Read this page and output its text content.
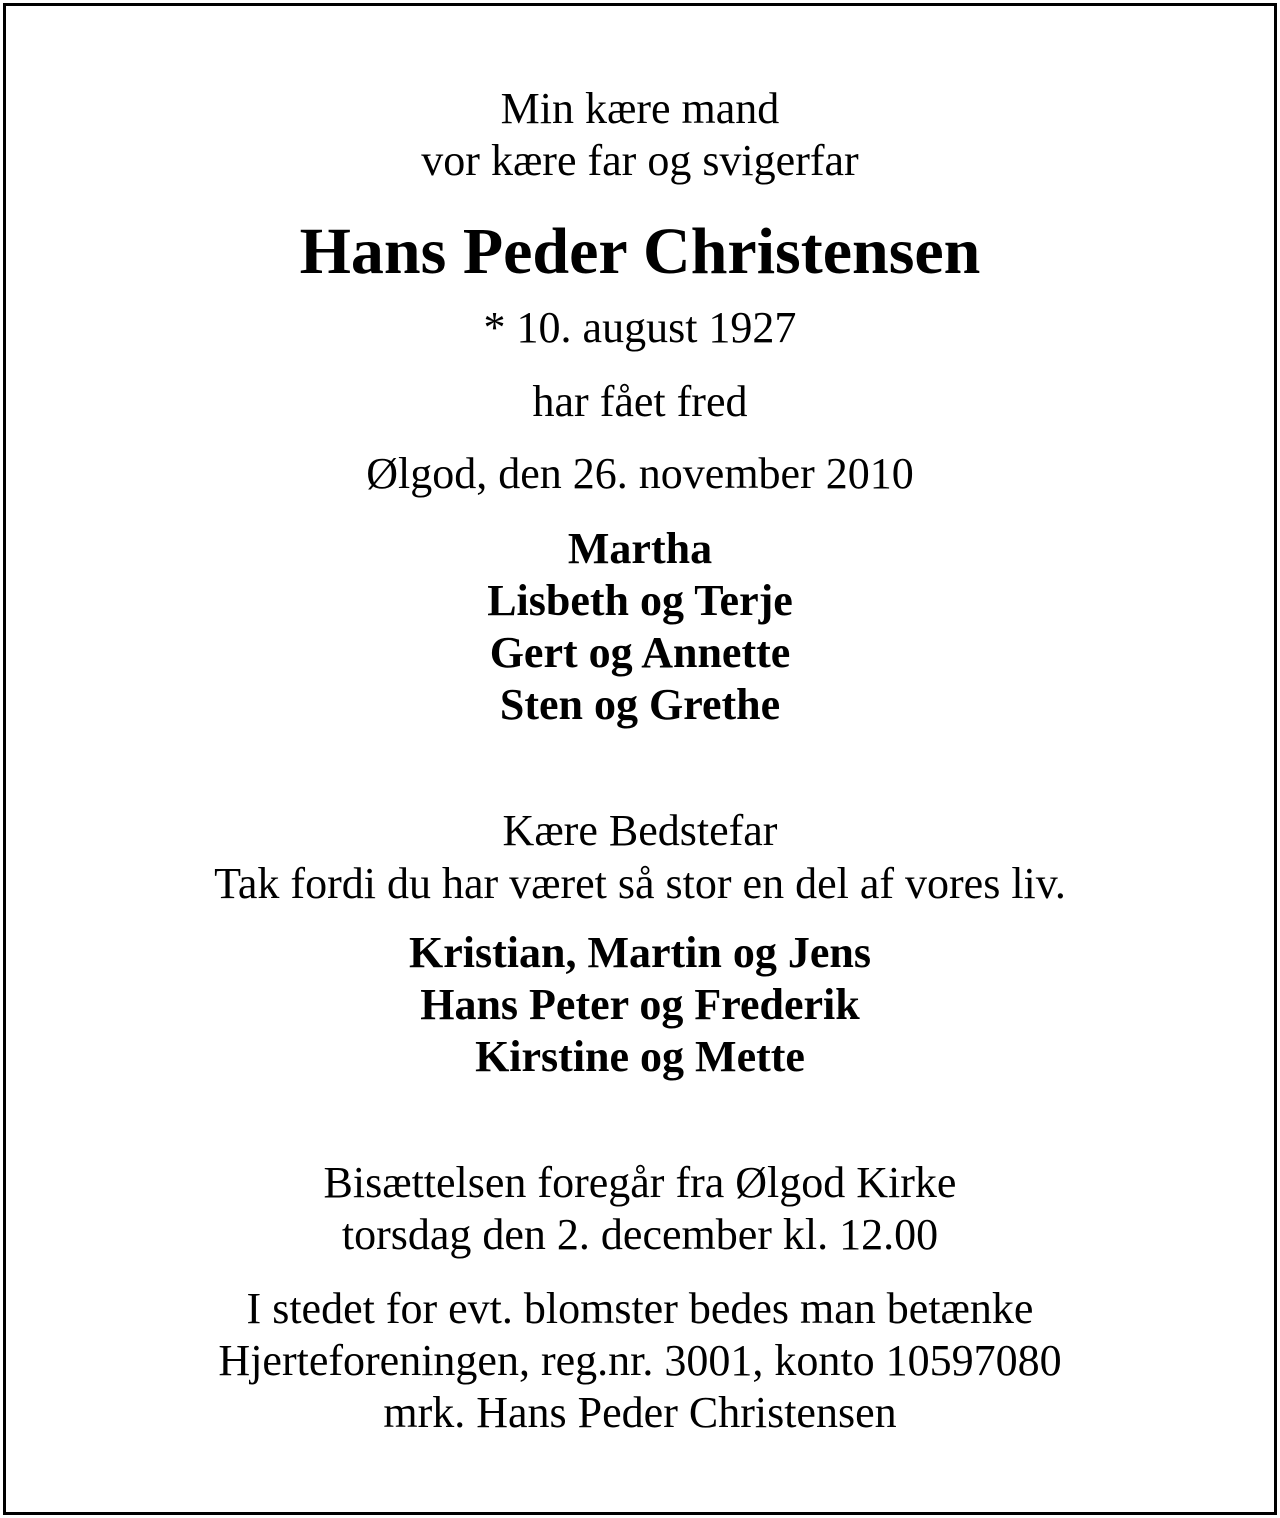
Min kære mand

vor kære far og svigerfar

Hans Peder Christensen

* 10. august 1927

har fået fred

Ølgod, den 26. november 2010

Martha

Lisbeth og Terje

Gert og Annette

Sten og Grethe

Kære Bedstefar

Tak fordi du har været så stor en del af vores liv.

Kristian, Martin og Jens

Hans Peter og Frederik

Kirstine og Mette

Bisættelsen foregår fra Ølgod Kirke

torsdag den 2. december kl. 12.00

I stedet for evt. blomster bedes man betænke

Hjerteforeningen, reg.nr. 3001, konto 10597080

mrk. Hans Peder Christensen
